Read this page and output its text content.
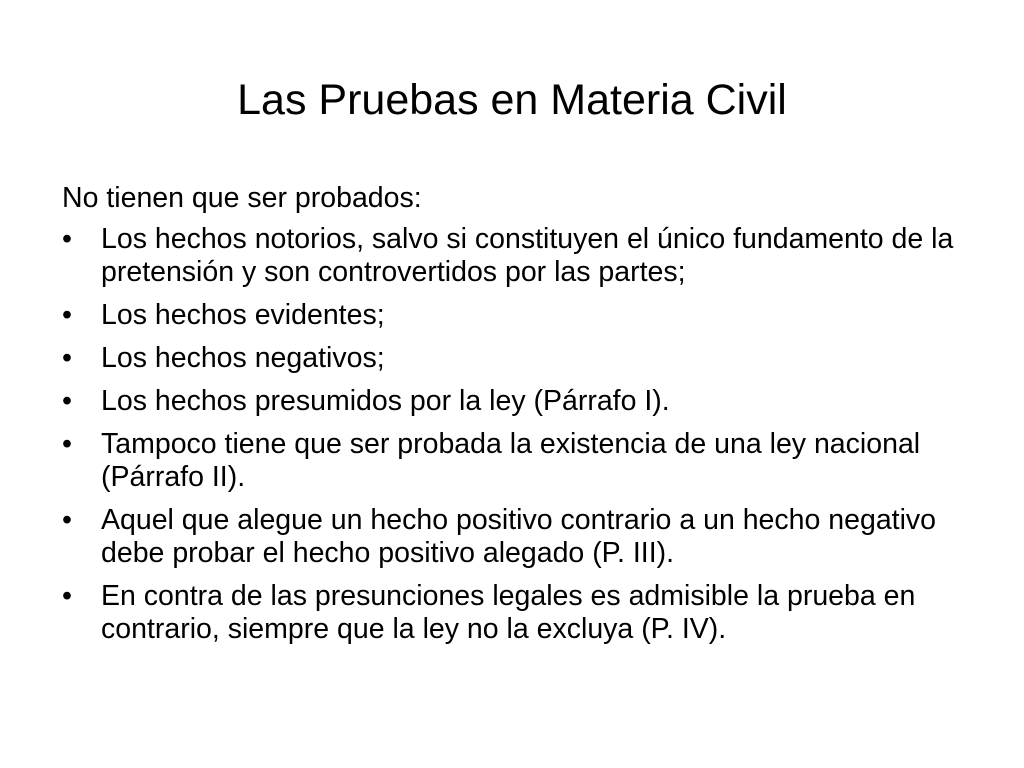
Las Pruebas en Materia Civil

No tienen que ser probados:

• Los hechos notorios, salvo si constituyen el único fundamento de la pretensión y son controvertidos por las partes;
• Los hechos evidentes;
• Los hechos negativos;
• Los hechos presumidos por la ley (Párrafo I).
• Tampoco tiene que ser probada la existencia de una ley nacional (Párrafo II).
• Aquel que alegue un hecho positivo contrario a un hecho negativo debe probar el hecho positivo alegado (P. III).
• En contra de las presunciones legales es admisible la prueba en contrario, siempre que la ley no la excluya (P. IV).
